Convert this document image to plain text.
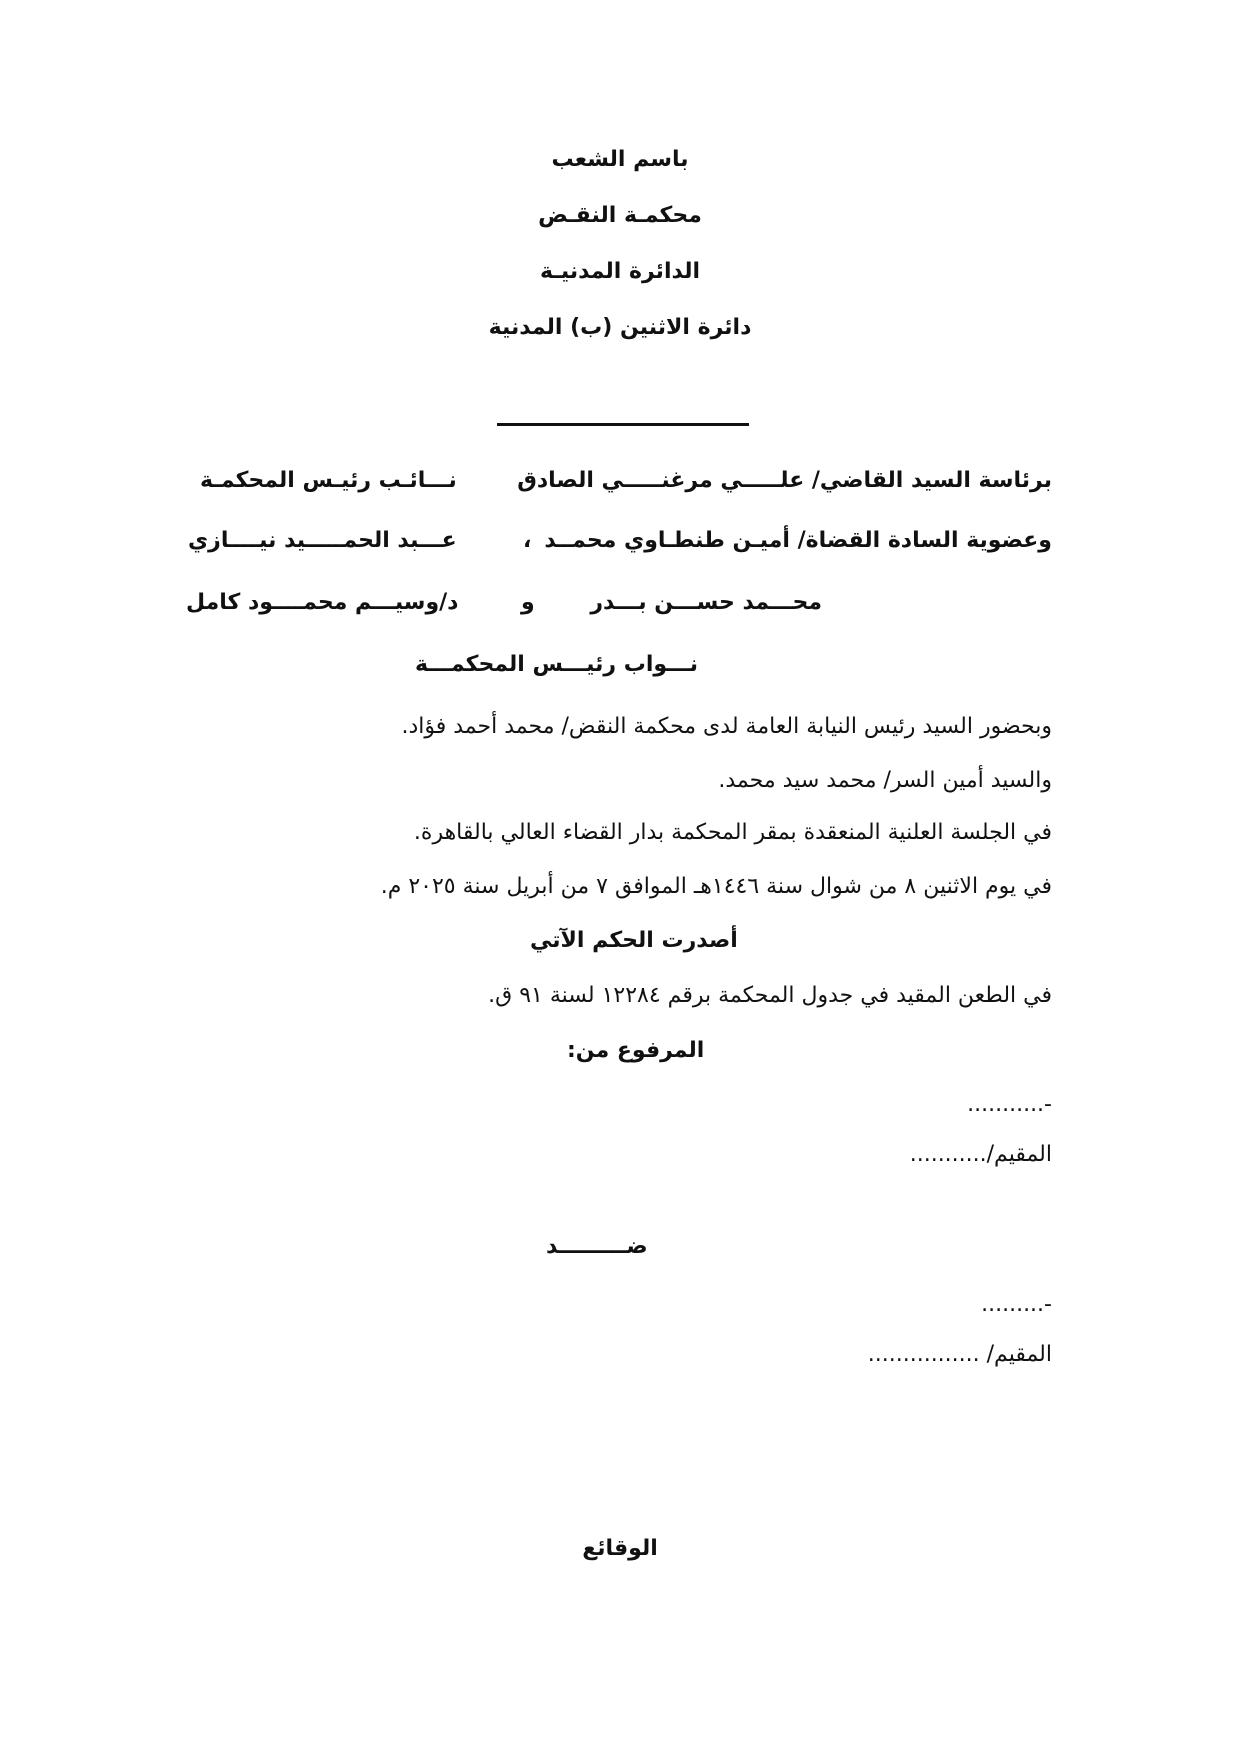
باسم الشعب
محكمـة النقـض
الدائرة المدنيـة
دائرة الاثنين (ب) المدنية
برئاسة السيد القاضي/ علـــــي مرغنـــــي الصادق
نـــائـب رئيـس المحكمـة
وعضوية السادة القضاة/ أميـن طنطـاوي محمــد
،
عـــبد الحمـــــيد نيــــازي
محـــمد حســـن بـــدر
و
د/وسيـــم محمــــود كامل
نـــواب رئيـــس المحكمـــة
وبحضور السيد رئيس النيابة العامة لدى محكمة النقض/ محمد أحمد فؤاد.
والسيد أمين السر/ محمد سيد محمد.
في الجلسة العلنية المنعقدة بمقر المحكمة بدار القضاء العالي بالقاهرة.
في يوم الاثنين ٨ من شوال سنة ١٤٤٦هـ الموافق ٧ من أبريل سنة ٢٠٢٥ م.
أصدرت الحكم الآتي
في الطعن المقيد في جدول المحكمة برقم ١٢٢٨٤ لسنة ٩١ ق.
المرفوع من:
-...........
المقيم/...........
ضـــــــــد
-.........
المقيم/ ................
الوقائع
